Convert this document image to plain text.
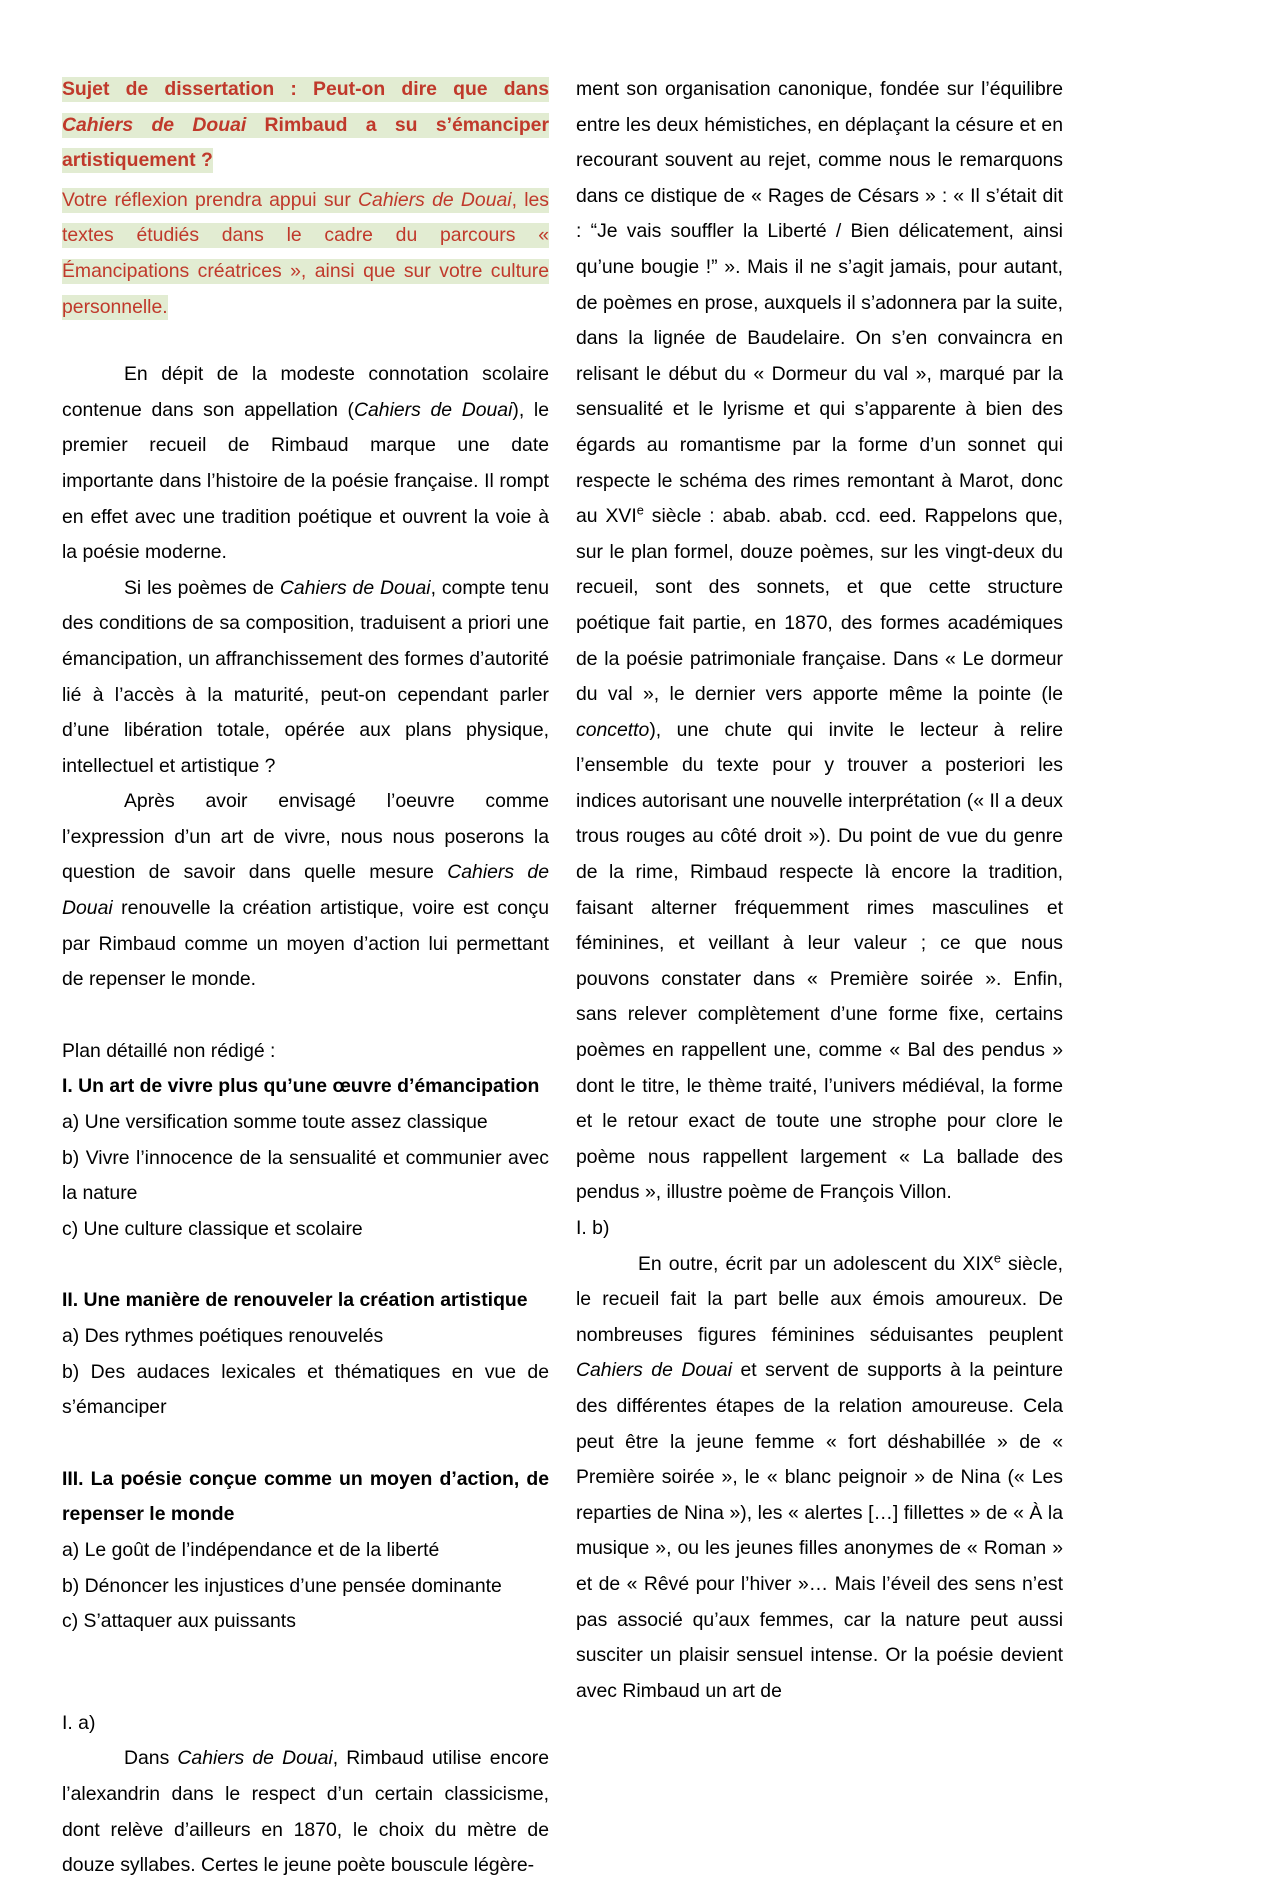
Sujet de dissertation : Peut-on dire que dans Cahiers de Douai Rimbaud a su s’émanciper artistiquement ?
Votre réflexion prendra appui sur Cahiers de Douai, les textes étudiés dans le cadre du parcours « Émancipations créatrices », ainsi que sur votre culture personnelle.

En dépit de la modeste connotation scolaire contenue dans son appellation (Cahiers de Douai), le premier recueil de Rimbaud marque une date importante dans l’histoire de la poésie française. Il rompt en effet avec une tradition poétique et ouvrent la voie à la poésie moderne.

Si les poèmes de Cahiers de Douai, compte tenu des conditions de sa composition, traduisent a priori une émancipation, un affranchissement des formes d’autorité lié à l’accès à la maturité, peut-on cependant parler d’une libération totale, opérée aux plans physique, intellectuel et artistique ?

Après avoir envisagé l’oeuvre comme l’expression d’un art de vivre, nous nous poserons la question de savoir dans quelle mesure Cahiers de Douai renouvelle la création artistique, voire est conçu par Rimbaud comme un moyen d’action lui permettant de repenser le monde.

Plan détaillé non rédigé :

I. Un art de vivre plus qu’une œuvre d’émancipation

a) Une versification somme toute assez classique

b) Vivre l’innocence de la sensualité et communier avec la nature

c) Une culture classique et scolaire

II. Une manière de renouveler la création artistique

a) Des rythmes poétiques renouvelés

b) Des audaces lexicales et thématiques en vue de s’émanciper

III. La poésie conçue comme un moyen d’action, de repenser le monde

a) Le goût de l’indépendance et de la liberté

b) Dénoncer les injustices d’une pensée dominante

c) S’attaquer aux puissants

I. a)

Dans Cahiers de Douai, Rimbaud utilise encore l’alexandrin dans le respect d’un certain classicisme, dont relève d’ailleurs en 1870, le choix du mètre de douze syllabes. Certes le jeune poète bouscule légère-

ment son organisation canonique, fondée sur l’équilibre entre les deux hémistiches, en déplaçant la césure et en recourant souvent au rejet, comme nous le remarquons dans ce distique de « Rages de Césars » : « Il s’était dit : “Je vais souffler la Liberté / Bien délicatement, ainsi qu’une bougie !” ». Mais il ne s’agit jamais, pour autant, de poèmes en prose, auxquels il s’adonnera par la suite, dans la lignée de Baudelaire. On s’en convaincra en relisant le début du « Dormeur du val », marqué par la sensualité et le lyrisme et qui s’apparente à bien des égards au romantisme par la forme d’un sonnet qui respecte le schéma des rimes remontant à Marot, donc au XVIe siècle : abab. abab. ccd. eed. Rappelons que, sur le plan formel, douze poèmes, sur les vingt-deux du recueil, sont des sonnets, et que cette structure poétique fait partie, en 1870, des formes académiques de la poésie patrimoniale française. Dans « Le dormeur du val », le dernier vers apporte même la pointe (le concetto), une chute qui invite le lecteur à relire l’ensemble du texte pour y trouver a posteriori les indices autorisant une nouvelle interprétation (« Il a deux trous rouges au côté droit »). Du point de vue du genre de la rime, Rimbaud respecte là encore la tradition, faisant alterner fréquemment rimes masculines et féminines, et veillant à leur valeur ; ce que nous pouvons constater dans « Première soirée ». Enfin, sans relever complètement d’une forme fixe, certains poèmes en rappellent une, comme « Bal des pendus » dont le titre, le thème traité, l’univers médiéval, la forme et le retour exact de toute une strophe pour clore le poème nous rappellent largement « La ballade des pendus », illustre poème de François Villon.

I. b)

En outre, écrit par un adolescent du XIXe siècle, le recueil fait la part belle aux émois amoureux. De nombreuses figures féminines séduisantes peuplent Cahiers de Douai et servent de supports à la peinture des différentes étapes de la relation amoureuse. Cela peut être la jeune femme « fort déshabillée » de « Première soirée », le « blanc peignoir » de Nina (« Les reparties de Nina »), les « alertes […] fillettes » de « À la musique », ou les jeunes filles anonymes de « Roman » et de « Rêvé pour l’hiver »… Mais l’éveil des sens n’est pas associé qu’aux femmes, car la nature peut aussi susciter un plaisir sensuel intense. Or la poésie devient avec Rimbaud un art de
